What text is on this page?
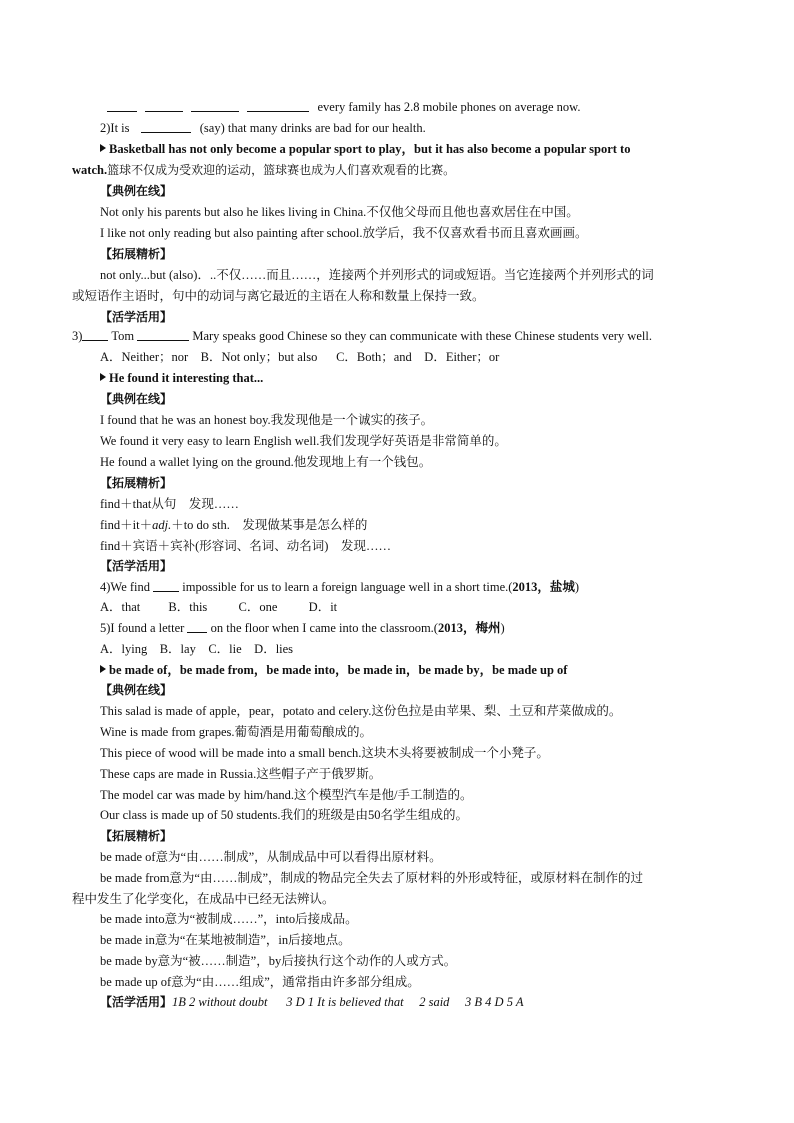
every family has 2.8 mobile phones on average now.
2)It is	(say) that many drinks are bad for our health.
Basketball has not only become a popular sport to play，but it has also become a popular sport to
watch.篮球不仅成为受欢迎的运动，篮球赛也成为人们喜欢观看的比赛。
【典例在线】
Not only his parents but also he likes living in China.不仅他父母而且他也喜欢居住在中国。
I like not only reading but also painting after school.放学后，我不仅喜欢看书而且喜欢画画。
【拓展精析】
not only...but (also)．..不仅……而且……，连接两个并列形式的词或短语。当它连接两个并列形式的词
或短语作主语时，句中的动词与离它最近的主语在人称和数量上保持一致。
【活学活用】
3) Tom	Mary speaks good Chinese so they can communicate with these Chinese students very well.
A．Neither；nor    B．Not only；but also      C．Both；and    D．Either；or
He found it interesting that...
【典例在线】
I found that he was an honest boy.我发现他是一个诚实的孩子。
We found it very easy to learn English well.我们发现学好英语是非常简单的。
He found a wallet lying on the ground.他发现地上有一个钱包。
【拓展精析】
find＋that从句　发现……
find＋it＋adj.＋to do sth.　发现做某事是怎么样的
find＋宾语＋宾补(形容词、名词、动名词)　发现……
【活学活用】
4)We find	impossible for us to learn a foreign language well in a short time.(2013，盐城)
A．that         B．this          C．one          D．it
5)I found a letter on the floor when I came into the classroom.(2013，梅州)
A．lying    B．lay    C．lie    D．lies
be made of，be made from，be made into，be made in，be made by，be made up of
【典例在线】
This salad is made of apple，pear，potato and celery.这份色拉是由苹果、梨、土豆和芹菜做成的。
Wine is made from grapes.葡萄酒是用葡萄酿成的。
This piece of wood will be made into a small bench.这块木头将要被制成一个小凳子。
These caps are made in Russia.这些帽子产于俄罗斯。
The model car was made by him/hand.这个模型汽车是他/手工制造的。
Our class is made up of 50 students.我们的班级是由50名学生组成的。
【拓展精析】
be made of意为“由……制成”，从制成品中可以看得出原材料。
be made from意为“由……制成”，制成的物品完全失去了原材料的外形或特征，或原材料在制作的过
程中发生了化学变化，在成品中已经无法辨认。
be made into意为“被制成……”，into后接成品。
be made in意为“在某地被制造”，in后接地点。
be made by意为“被……制造”，by后接执行这个动作的人或方式。
be made up of意为“由……组成”，通常指由许多部分组成。
【活学活用】1B 2 without doubt      3 D 1 It is believed that     2 said     3 B 4 D 5 A
